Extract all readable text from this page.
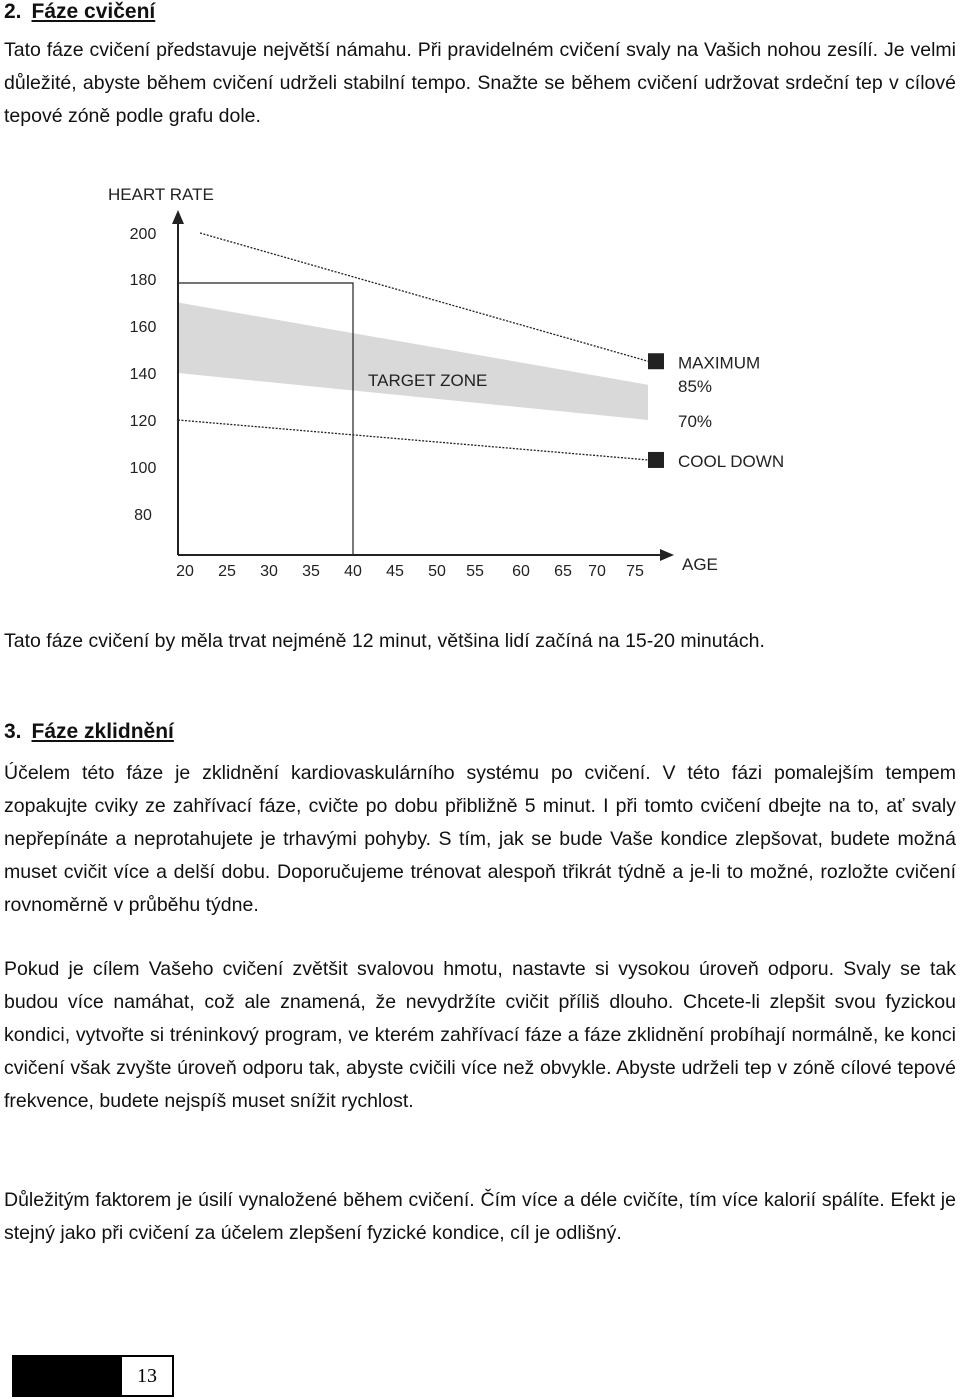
2. Fáze cvičení

Tato fáze cvičení představuje největší námahu. Při pravidelném cvičení svaly na Vašich nohou zesílí. Je velmi důležité, abyste během cvičení udrželi stabilní tempo. Snažte se během cvičení udržovat srdeční tep v cílové tepové zóně podle grafu dole.

HEART RATE
AGE
TARGET ZONE
200
180
160
140
120
100
80
20 25 30 35 40 45 50 55 60 65 70 75
MAXIMUM
85%
70%
COOL DOWN

Tato fáze cvičení by měla trvat nejméně 12 minut, většina lidí začíná na 15-20 minutách.

3. Fáze zklidnění

Účelem této fáze je zklidnění kardiovaskulárního systému po cvičení. V této fázi pomalejším tempem zopakujte cviky ze zahřívací fáze, cvičte po dobu přibližně 5 minut. I při tomto cvičení dbejte na to, ať svaly nepřepínáte a neprotahujete je trhavými pohyby. S tím, jak se bude Vaše kondice zlepšovat, budete možná muset cvičit více a delší dobu. Doporučujeme trénovat alespoň třikrát týdně a je-li to možné, rozložte cvičení rovnoměrně v průběhu týdne.

Pokud je cílem Vašeho cvičení zvětšit svalovou hmotu, nastavte si vysokou úroveň odporu. Svaly se tak budou více namáhat, což ale znamená, že nevydržíte cvičit příliš dlouho. Chcete-li zlepšit svou fyzickou kondici, vytvořte si tréninkový program, ve kterém zahřívací fáze a fáze zklidnění probíhají normálně, ke konci cvičení však zvyšte úroveň odporu tak, abyste cvičili více než obvykle. Abyste udrželi tep v zóně cílové tepové frekvence, budete nejspíš muset snížit rychlost.

Důležitým faktorem je úsilí vynaložené během cvičení. Čím více a déle cvičíte, tím více kalorií spálíte. Efekt je stejný jako při cvičení za účelem zlepšení fyzické kondice, cíl je odlišný.

13
